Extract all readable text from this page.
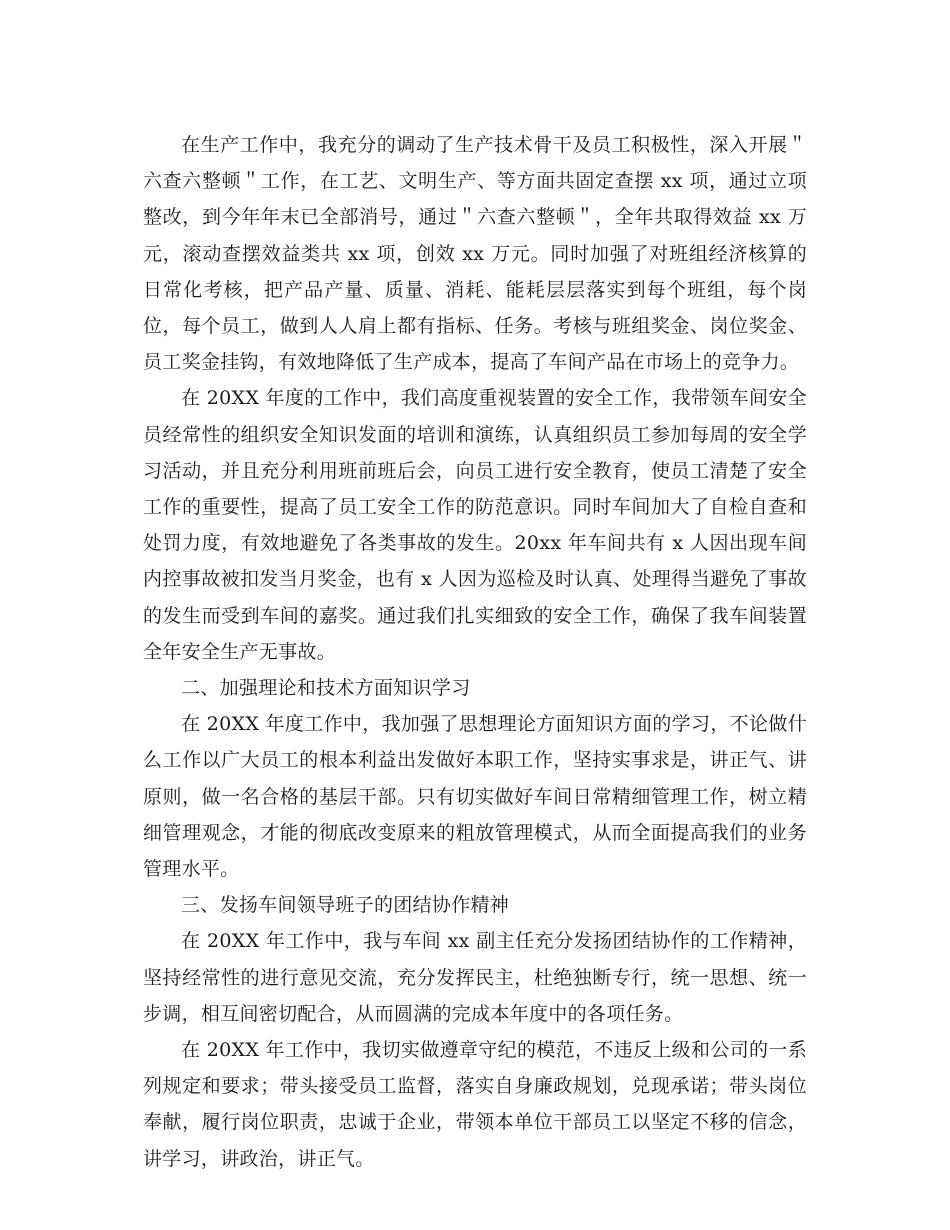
在生产工作中，我充分的调动了生产技术骨干及员工积极性，深入开展＂六查六整顿＂工作，在工艺、文明生产、等方面共固定查摆 xx 项，通过立项整改，到今年年末已全部消号，通过＂六查六整顿＂，全年共取得效益 xx 万元，滚动查摆效益类共 xx 项，创效 xx 万元。同时加强了对班组经济核算的日常化考核，把产品产量、质量、消耗、能耗层层落实到每个班组，每个岗位，每个员工，做到人人肩上都有指标、任务。考核与班组奖金、岗位奖金、员工奖金挂钩，有效地降低了生产成本，提高了车间产品在市场上的竞争力。

在 20XX 年度的工作中，我们高度重视装置的安全工作，我带领车间安全员经常性的组织安全知识发面的培训和演练，认真组织员工参加每周的安全学习活动，并且充分利用班前班后会，向员工进行安全教育，使员工清楚了安全工作的重要性，提高了员工安全工作的防范意识。同时车间加大了自检自查和处罚力度，有效地避免了各类事故的发生。20xx 年车间共有 x 人因出现车间内控事故被扣发当月奖金，也有 x 人因为巡检及时认真、处理得当避免了事故的发生而受到车间的嘉奖。通过我们扎实细致的安全工作，确保了我车间装置全年安全生产无事故。

二、加强理论和技术方面知识学习

在 20XX 年度工作中，我加强了思想理论方面知识方面的学习，不论做什么工作以广大员工的根本利益出发做好本职工作，坚持实事求是，讲正气、讲原则，做一名合格的基层干部。只有切实做好车间日常精细管理工作，树立精细管理观念，才能的彻底改变原来的粗放管理模式，从而全面提高我们的业务管理水平。

三、发扬车间领导班子的团结协作精神

在 20XX 年工作中，我与车间 xx 副主任充分发扬团结协作的工作精神，坚持经常性的进行意见交流，充分发挥民主，杜绝独断专行，统一思想、统一步调，相互间密切配合，从而圆满的完成本年度中的各项任务。

在 20XX 年工作中，我切实做遵章守纪的模范，不违反上级和公司的一系列规定和要求；带头接受员工监督，落实自身廉政规划，兑现承诺；带头岗位奉献，履行岗位职责，忠诚于企业，带领本单位干部员工以坚定不移的信念，讲学习，讲政治，讲正气。
